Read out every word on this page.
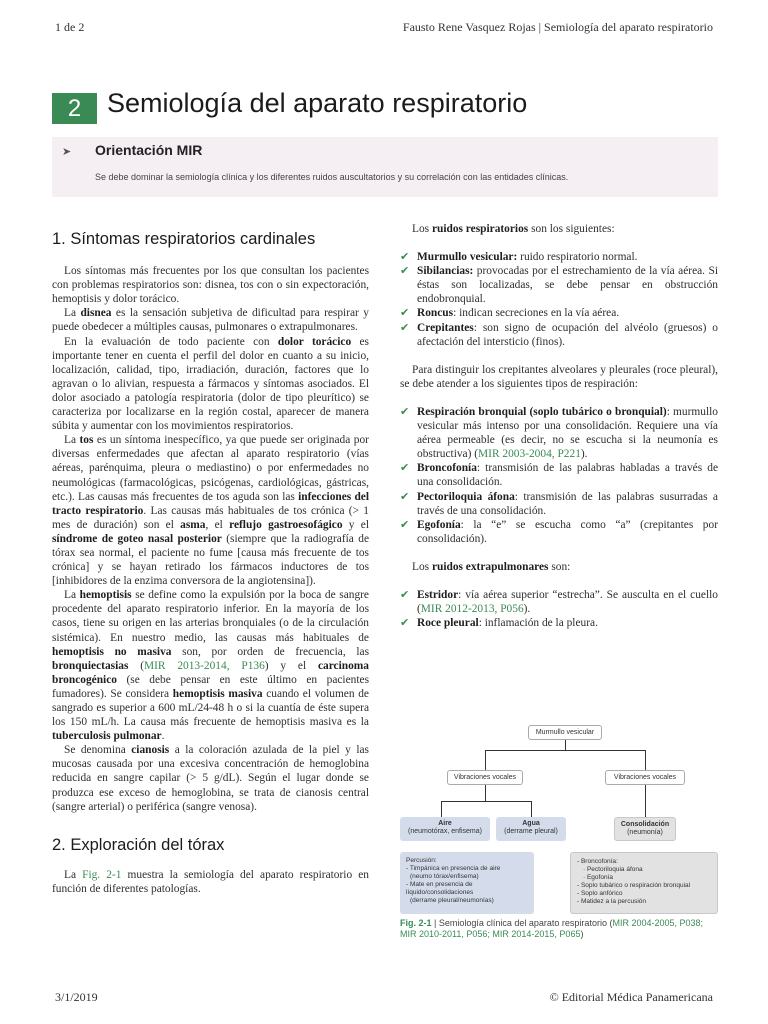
1 de 2	Fausto Rene Vasquez Rojas | Semiología del aparato respiratorio
2 Semiología del aparato respiratorio
➤ Orientación MIR
Se debe dominar la semiología clínica y los diferentes ruidos auscultatorios y su correlación con las entidades clínicas.
1. Síntomas respiratorios cardinales

Los síntomas más frecuentes por los que consultan los pacientes con problemas respiratorios son: disnea, tos con o sin expectoración, hemoptisis y dolor torácico.

La disnea es la sensación subjetiva de dificultad para respirar y puede obedecer a múltiples causas, pulmonares o extrapulmonares.

En la evaluación de todo paciente con dolor torácico es importante tener en cuenta el perfil del dolor en cuanto a su inicio, localización, calidad, tipo, irradiación, duración, factores que lo agravan o lo alivian, respuesta a fármacos y síntomas asociados. El dolor asociado a patología respiratoria (dolor de tipo pleurítico) se caracteriza por localizarse en la región costal, aparecer de manera súbita y aumentar con los movimientos respiratorios.

La tos es un síntoma inespecífico, ya que puede ser originada por diversas enfermedades que afectan al aparato respiratorio (vías aéreas, parénquima, pleura o mediastino) o por enfermedades no neumológicas (farmacológicas, psicógenas, cardiológicas, gástricas, etc.). Las causas más frecuentes de tos aguda son las infecciones del tracto respiratorio. Las causas más habituales de tos crónica (> 1 mes de duración) son el asma, el reflujo gastroesofágico y el síndrome de goteo nasal posterior (siempre que la radiografía de tórax sea normal, el paciente no fume [causa más frecuente de tos crónica] y se hayan retirado los fármacos inductores de tos [inhibidores de la enzima conversora de la angiotensina]).

La hemoptisis se define como la expulsión por la boca de sangre procedente del aparato respiratorio inferior. En la mayoría de los casos, tiene su origen en las arterias bronquiales (o de la circulación sistémica). En nuestro medio, las causas más habituales de hemoptisis no masiva son, por orden de frecuencia, las bronquiectasias (MIR 2013-2014, P136) y el carcinoma broncogénico (se debe pensar en este último en pacientes fumadores). Se considera hemoptisis masiva cuando el volumen de sangrado es superior a 600 mL/24-48 h o si la cuantía de éste supera los 150 mL/h. La causa más frecuente de hemoptisis masiva es la tuberculosis pulmonar.

Se denomina cianosis a la coloración azulada de la piel y las mucosas causada por una excesiva concentración de hemoglobina reducida en sangre capilar (> 5 g/dL). Según el lugar donde se produzca ese exceso de hemoglobina, se trata de cianosis central (sangre arterial) o periférica (sangre venosa).

2. Exploración del tórax

La Fig. 2-1 muestra la semiología del aparato respiratorio en función de diferentes patologías.

Los ruidos respiratorios son los siguientes:

✔ Murmullo vesicular: ruido respiratorio normal.
✔ Sibilancias: provocadas por el estrechamiento de la vía aérea. Si éstas son localizadas, se debe pensar en obstrucción endobronquial.
✔ Roncus: indican secreciones en la vía aérea.
✔ Crepitantes: son signo de ocupación del alvéolo (gruesos) o afectación del intersticio (finos).

Para distinguir los crepitantes alveolares y pleurales (roce pleural), se debe atender a los siguientes tipos de respiración:

✔ Respiración bronquial (soplo tubárico o bronquial): murmullo vesicular más intenso por una consolidación. Requiere una vía aérea permeable (es decir, no se escucha si la neumonía es obstructiva) (MIR 2003-2004, P221).
✔ Broncofonía: transmisión de las palabras habladas a través de una consolidación.
✔ Pectoriloquia áfona: transmisión de las palabras susurradas a través de una consolidación.
✔ Egofonía: la “e” se escucha como “a” (crepitantes por consolidación).

Los ruidos extrapulmonares son:

✔ Estridor: vía aérea superior “estrecha”. Se ausculta en el cuello (MIR 2012-2013, P056).
✔ Roce pleural: inflamación de la pleura.
Murmullo vesicular
Vibraciones vocales	Vibraciones vocales
Aire
(neumotórax, enfisema)
Agua
(derrame pleural)
Consolidación
(neumonía)
Percusión:
- Timpánica en presencia de aire
(neumo tórax/enfisema)
- Mate en presencia de líquido/consolidaciones
(derrame pleural/neumonías)
- Broncofonía:
· Pectoriloquia áfona
· Egofonía
- Soplo tubárico o respiración bronquial
- Soplo anfórico
- Matidez a la percusión
Fig. 2-1 | Semiología clínica del aparato respiratorio (MIR 2004-2005, P038; MIR 2010-2011, P056; MIR 2014-2015, P065)
3/1/2019	© Editorial Médica Panamericana
